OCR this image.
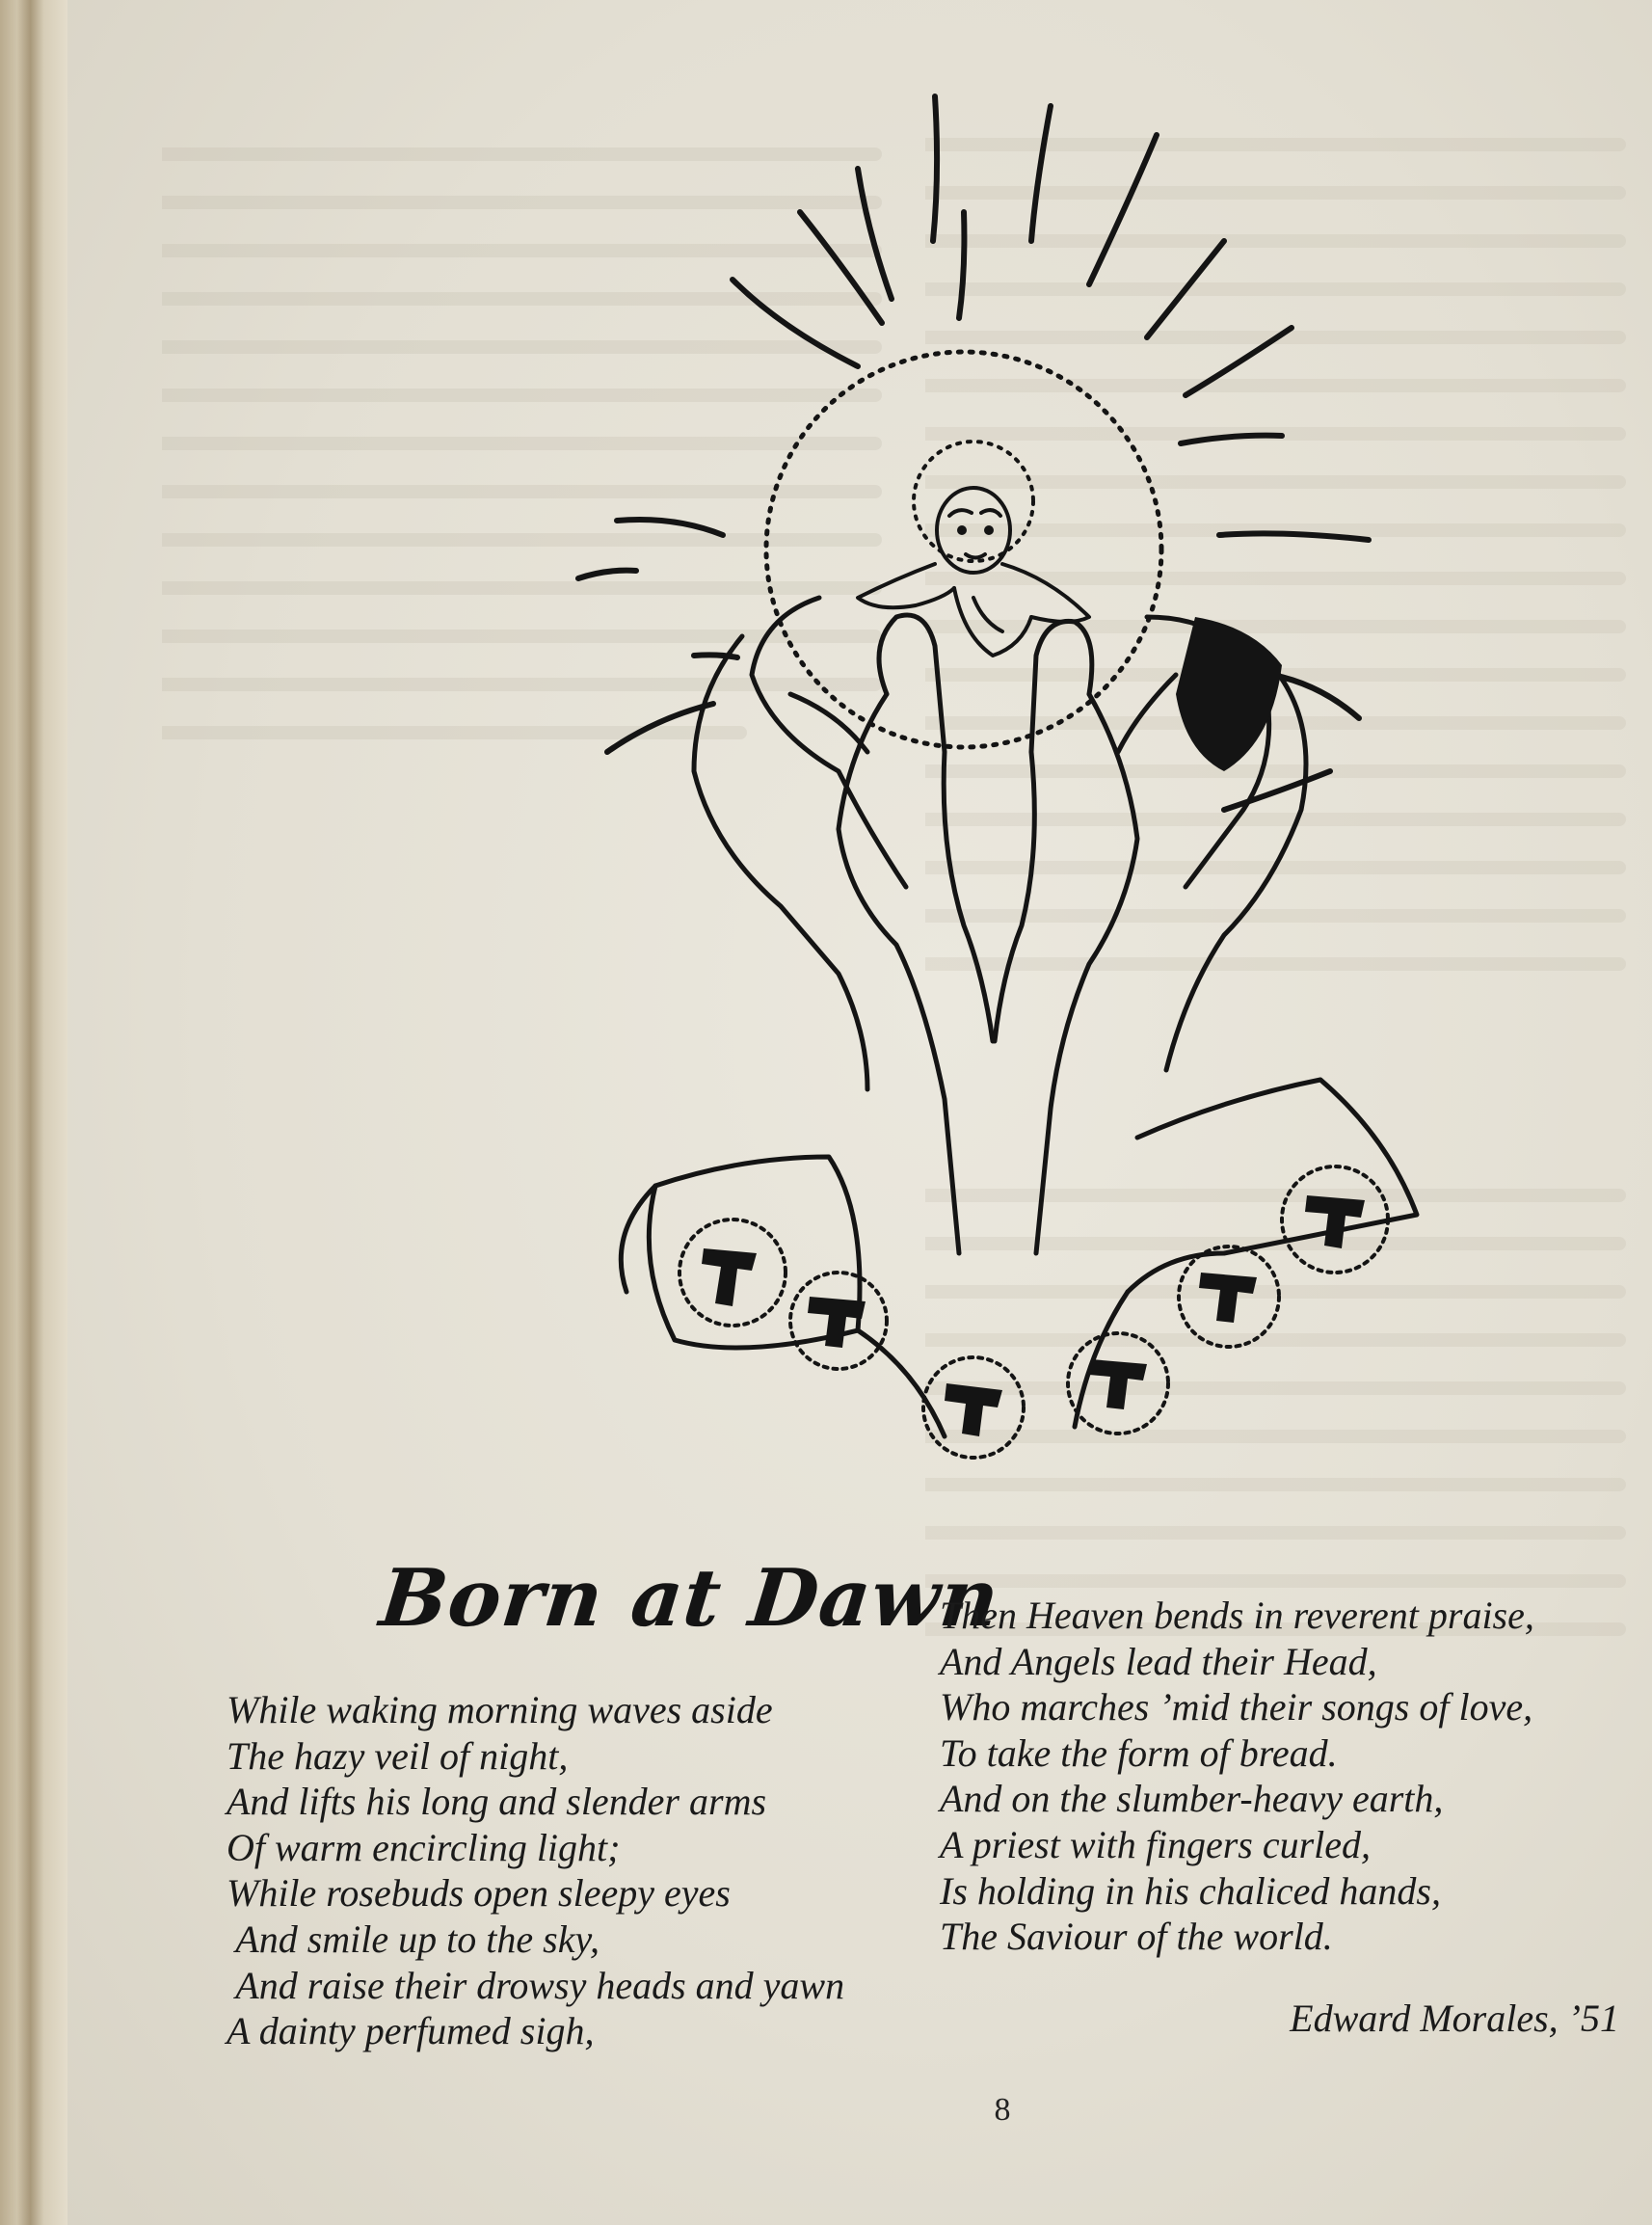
Born at Dawn
While waking morning waves aside
The hazy veil of night,
And lifts his long and slender arms
Of warm encircling light;
While rosebuds open sleepy eyes
And smile up to the sky,
And raise their drowsy heads and yawn
A dainty perfumed sigh,
Then Heaven bends in reverent praise,
And Angels lead their Head,
Who marches ’mid their songs of love,
To take the form of bread.
And on the slumber-heavy earth,
A priest with fingers curled,
Is holding in his chaliced hands,
The Saviour of the world.
Edward Morales, ’51
8
